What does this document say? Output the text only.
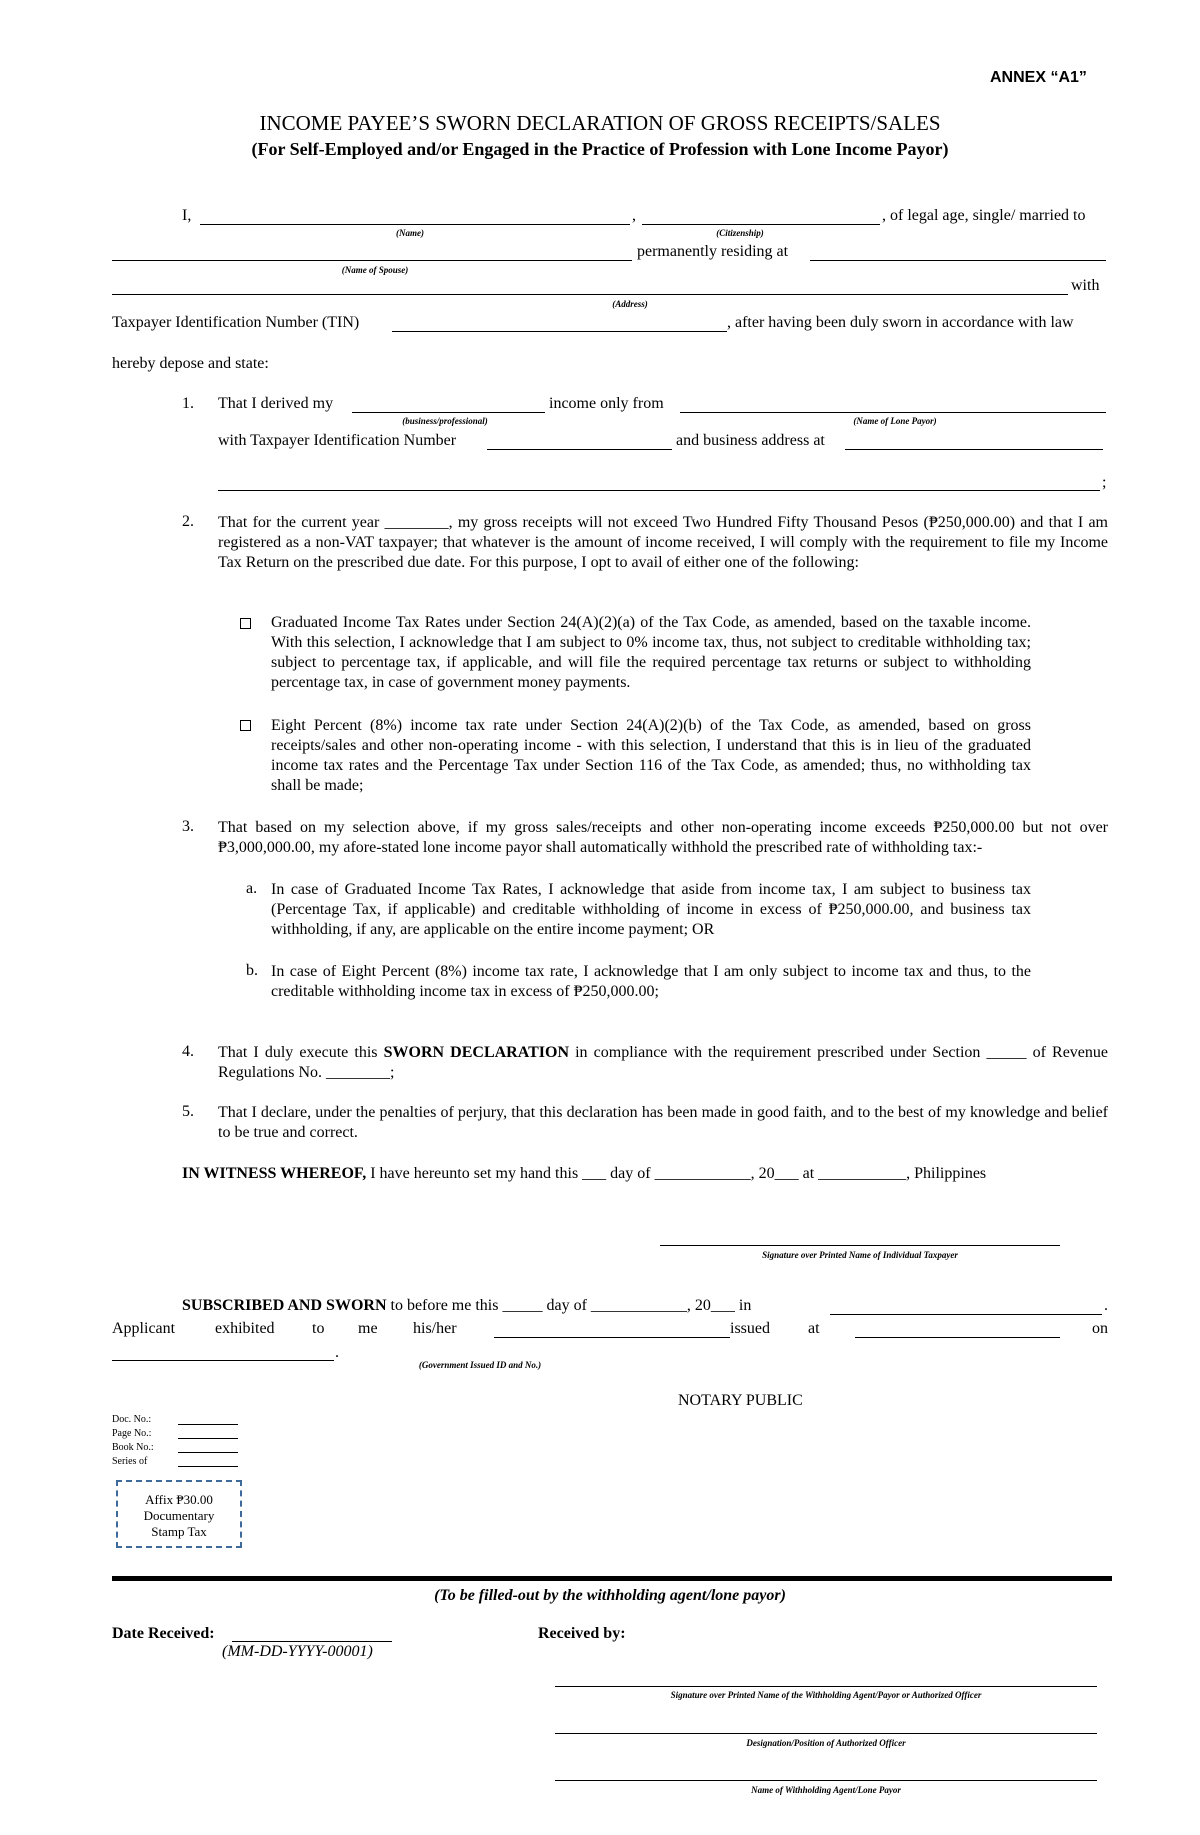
ANNEX “A1”
INCOME PAYEE’S SWORN DECLARATION OF GROSS RECEIPTS/SALES
(For Self-Employed and/or Engaged in the Practice of Profession with Lone Income Payor)
I,
(Name)
,
(Citizenship)
, of legal age, single/ married to
(Name of Spouse)
permanently residing at
(Address)
with
Taxpayer Identification Number (TIN)	, after having been duly sworn in accordance with law
hereby depose and state:
1. That I derived my
(business/professional)
income only from
(Name of Lone Payor)
with Taxpayer Identification Number	and business address at
;
2. That for the current year ________, my gross receipts will not exceed Two Hundred Fifty Thousand Pesos (₱250,000.00) and that I am registered as a non-VAT taxpayer; that whatever is the amount of income received, I will comply with the requirement to file my Income Tax Return on the prescribed due date. For this purpose, I opt to avail of either one of the following:
Graduated Income Tax Rates under Section 24(A)(2)(a) of the Tax Code, as amended, based on the taxable income. With this selection, I acknowledge that I am subject to 0% income tax, thus, not subject to creditable withholding tax; subject to percentage tax, if applicable, and will file the required percentage tax returns or subject to withholding percentage tax, in case of government money payments.
Eight Percent (8%) income tax rate under Section 24(A)(2)(b) of the Tax Code, as amended, based on gross receipts/sales and other non-operating income - with this selection, I understand that this is in lieu of the graduated income tax rates and the Percentage Tax under Section 116 of the Tax Code, as amended; thus, no withholding tax shall be made;
3. That based on my selection above, if my gross sales/receipts and other non-operating income exceeds ₱250,000.00 but not over ₱3,000,000.00, my afore-stated lone income payor shall automatically withhold the prescribed rate of withholding tax:-
a. In case of Graduated Income Tax Rates, I acknowledge that aside from income tax, I am subject to business tax (Percentage Tax, if applicable) and creditable withholding of income in excess of ₱250,000.00, and business tax withholding, if any, are applicable on the entire income payment; OR
b. In case of Eight Percent (8%) income tax rate, I acknowledge that I am only subject to income tax and thus, to the creditable withholding income tax in excess of ₱250,000.00;
4. That I duly execute this SWORN DECLARATION in compliance with the requirement prescribed under Section _____ of Revenue Regulations No. ________;
5. That I declare, under the penalties of perjury, that this declaration has been made in good faith, and to the best of my knowledge and belief to be true and correct.
IN WITNESS WHEREOF, I have hereunto set my hand this ___ day of ____________, 20___ at ___________, Philippines
Signature over Printed Name of Individual Taxpayer
SUBSCRIBED AND SWORN to before me this _____ day of ____________, 20___ in	.
Applicant exhibited to me his/her	issued at	on
.
(Government Issued ID and No.)
NOTARY PUBLIC
Doc. No.:
Page No.:
Book No.:
Series of
Affix ₱30.00
Documentary
Stamp Tax
(To be filled-out by the withholding agent/lone payor)
Date Received:
(MM-DD-YYYY-00001)
Received by:
Signature over Printed Name of the Withholding Agent/Payor or Authorized Officer
Designation/Position of Authorized Officer
Name of Withholding Agent/Lone Payor
